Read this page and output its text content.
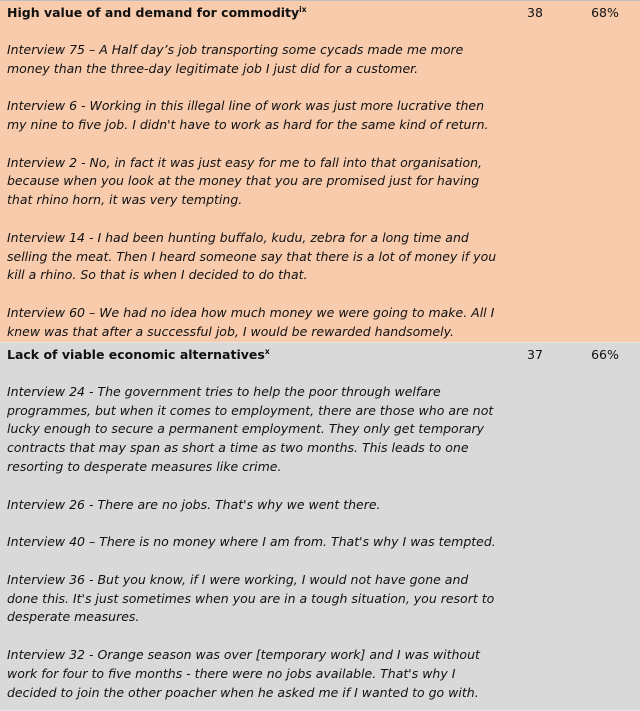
High value of and demand for commodity$^{ix}$

Interview 75 – A Half day’s job transporting some cycads made me more
money than the three-day legitimate job I just did for a customer.
Interview 6 - Working in this illegal line of work was just more lucrative then
my nine to five job. I didn't have to work as hard for the same kind of return.
Interview 2 - No, in fact it was just easy for me to fall into that organisation,
because when you look at the money that you are promised just for having
that rhino horn, it was very tempting.
Interview 14 - I had been hunting buffalo, kudu, zebra for a long time and
selling the meat. Then I heard someone say that there is a lot of money if you
kill a rhino. So that is when I decided to do that.
Interview 60 – We had no idea how much money we were going to make. All I
knew was that after a successful job, I would be rewarded handsomely.
38	68%

Lack of viable economic alternatives$^x$

Interview 24 - The government tries to help the poor through welfare
programmes, but when it comes to employment, there are those who are not
lucky enough to secure a permanent employment. They only get temporary
contracts that may span as short a time as two months. This leads to one
resorting to desperate measures like crime.
Interview 26 - There are no jobs. That's why we went there.
Interview 40 – There is no money where I am from. That's why I was tempted.
Interview 36 - But you know, if I were working, I would not have gone and
done this. It's just sometimes when you are in a tough situation, you resort to
desperate measures.
Interview 32 - Orange season was over [temporary work] and I was without
work for four to five months - there were no jobs available. That's why I
decided to join the other poacher when he asked me if I wanted to go with.
37	66%
